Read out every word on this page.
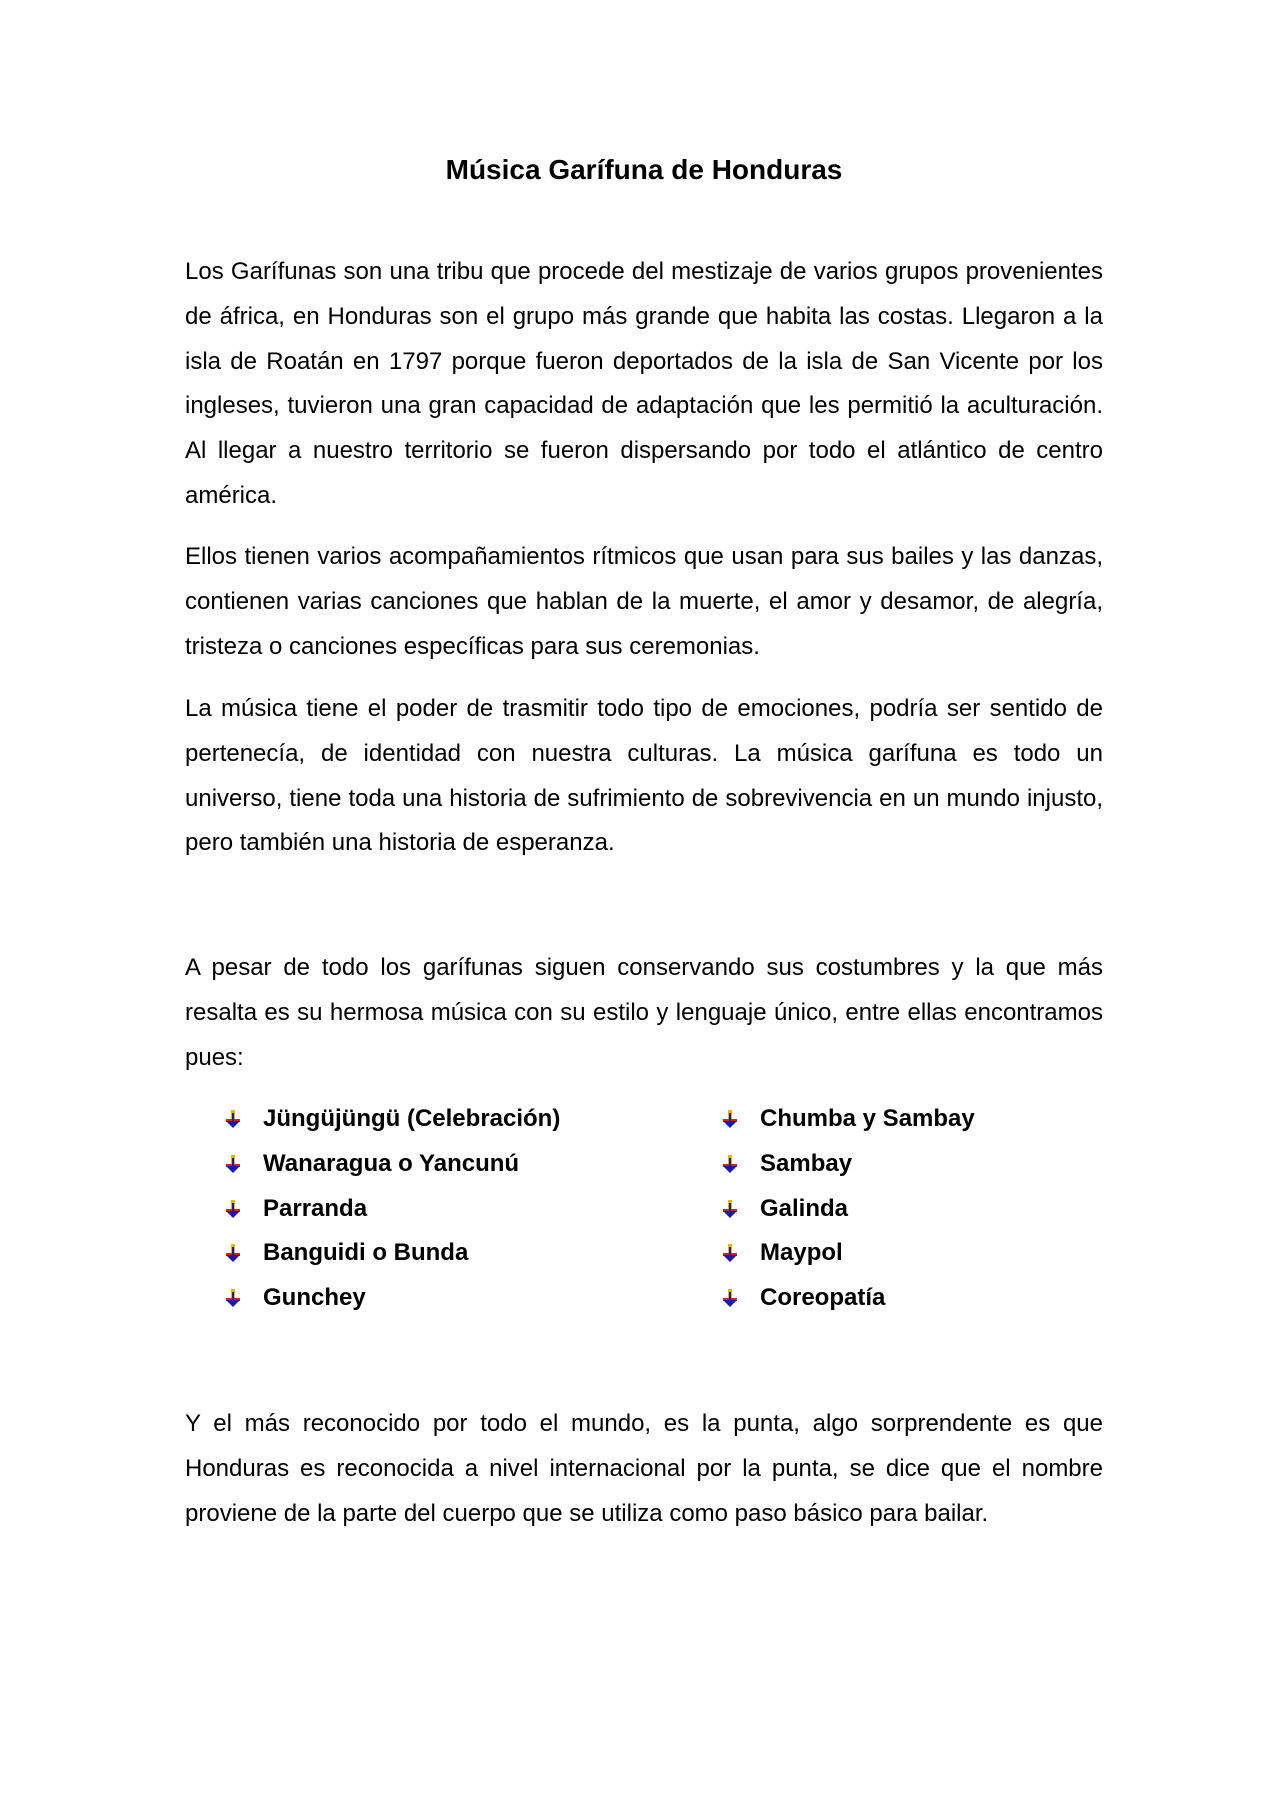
Música Garífuna de Honduras

Los Garífunas son una tribu que procede del mestizaje de varios grupos provenientes de áfrica, en Honduras son el grupo más grande que habita las costas. Llegaron a la isla de Roatán en 1797 porque fueron deportados de la isla de San Vicente por los ingleses, tuvieron una gran capacidad de adaptación que les permitió la aculturación. Al llegar a nuestro territorio se fueron dispersando por todo el atlántico de centro américa.

Ellos tienen varios acompañamientos rítmicos que usan para sus bailes y las danzas, contienen varias canciones que hablan de la muerte, el amor y desamor, de alegría, tristeza o canciones específicas para sus ceremonias.

La música tiene el poder de trasmitir todo tipo de emociones, podría ser sentido de pertenecía, de identidad con nuestra culturas. La música garífuna es todo un universo, tiene toda una historia de sufrimiento de sobrevivencia en un mundo injusto, pero también una historia de esperanza.

A pesar de todo los garífunas siguen conservando sus costumbres y la que más resalta es su hermosa música con su estilo y lenguaje único, entre ellas encontramos pues:

Jüngüjüngü (Celebración)
Wanaragua o Yancunú
Parranda
Banguidi o Bunda
Gunchey
Chumba y Sambay
Sambay
Galinda
Maypol
Coreopatía

Y el más reconocido por todo el mundo, es la punta, algo sorprendente es que Honduras es reconocida a nivel internacional por la punta, se dice que el nombre proviene de la parte del cuerpo que se utiliza como paso básico para bailar.
